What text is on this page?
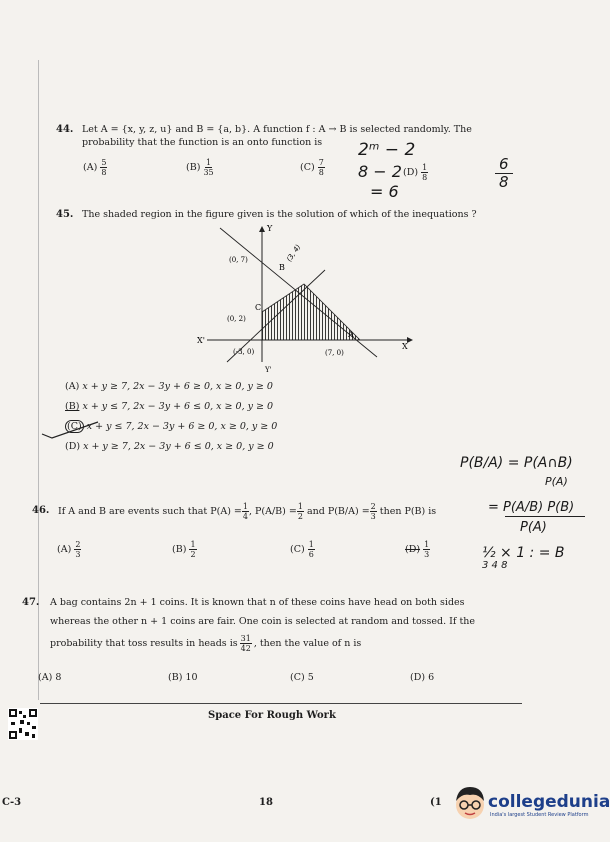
44. Let A = {x, y, z, u} and B = {a, b}. A function f : A → B is selected randomly. The
probability that the function is an onto function is
$(A) \frac{5}{8}$	$(B) \frac{1}{35}$	$(C) \frac{7}{8}$	$(D) \frac{1}{8}$
2ᵐ − 2
8 − 2
= 6
$\frac{6}{8}$
45. The shaded region in the figure given is the solution of which of the inequations ?
Y
Y'
X
X'
(0, 7)
(0, 2)
(-3, 0)	(7, 0)
B
C
A
(3, 4)
(A) x + y ≥ 7, 2x − 3y + 6 ≥ 0, x ≥ 0, y ≥ 0
(B) x + y ≤ 7, 2x − 3y + 6 ≤ 0, x ≥ 0, y ≥ 0
(C) x + y ≤ 7, 2x − 3y + 6 ≥ 0, x ≥ 0, y ≥ 0
(D) x + y ≥ 7, 2x − 3y + 6 ≤ 0, x ≥ 0, y ≥ 0
P(B/A) = P(A∩B)
P(A)
= P(A/B) P(B)
P(A)
½ × 1 : = B
3 4 8
46. If A and B are events such that $P(A) = \frac{1}{4}$ , $P(A/B) = \frac{1}{2}$ and $P(B/A) = \frac{2}{3}$ then P(B) is
$(A) \frac{2}{3}$	$(B) \frac{1}{2}$	$(C) \frac{1}{6}$	$(D) \frac{1}{3}$
47. A bag contains 2n + 1 coins. It is known that n of these coins have head on both sides
whereas the other n + 1 coins are fair. One coin is selected at random and tossed. If the
probability that toss results in heads is $\frac{31}{42}$ , then the value of n is
(A) 8	(B) 10	(C) 5	(D) 6
Space For Rough Work
C-3	18	(1	collegedunia
India's largest Student Review Platform
